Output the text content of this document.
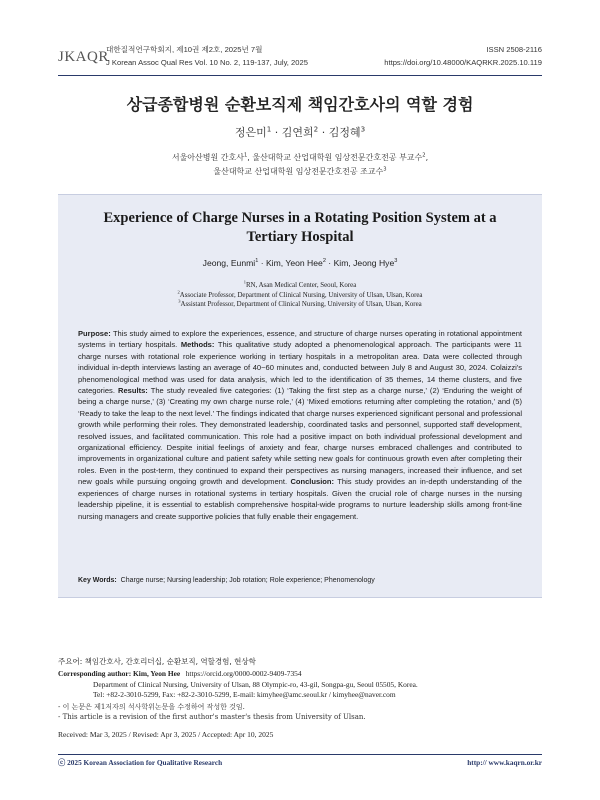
JKAQR
대한질적연구학회지, 제10권 제2호, 2025년 7월
J Korean Assoc Qual Res Vol. 10 No. 2, 119-137, July, 2025
ISSN 2508-2116
https://doi.org/10.48000/KAQRKR.2025.10.119
상급종합병원 순환보직제 책임간호사의 역할 경험
정은미$^1$ · 김연희$^2$ · 김정혜$^3$
서울아산병원 간호사$^1$, 울산대학교 산업대학원 임상전문간호전공 부교수$^2$,
울산대학교 산업대학원 임상전문간호전공 조교수$^3$
Experience of Charge Nurses in a Rotating Position System at a Tertiary Hospital
Jeong, Eunmi$^1$ · Kim, Yeon Hee$^2$ · Kim, Jeong Hye$^3$
$^1$RN, Asan Medical Center, Seoul, Korea
$^2$Associate Professor, Department of Clinical Nursing, University of Ulsan, Ulsan, Korea
$^3$Assistant Professor, Department of Clinical Nursing, University of Ulsan, Ulsan, Korea
Purpose: This study aimed to explore the experiences, essence, and structure of charge nurses operating in rotational appointment systems in tertiary hospitals. Methods: This qualitative study adopted a phenomenological approach. The participants were 11 charge nurses with rotational role experience working in tertiary hospitals in a metropolitan area. Data were collected through individual in-depth interviews lasting an average of 40~60 minutes and, conducted between July 8 and August 30, 2024. Colaizzi's phenomenological method was used for data analysis, which led to the identification of 35 themes, 14 theme clusters, and five categories. Results: The study revealed five categories: (1) ‘Taking the first step as a charge nurse,’ (2) ‘Enduring the weight of being a charge nurse,’ (3) ‘Creating my own charge nurse role,’ (4) ‘Mixed emotions returning after completing the rotation,’ and (5) ‘Ready to take the leap to the next level.’ The findings indicated that charge nurses experienced significant personal and professional growth while performing their roles. They demonstrated leadership, coordinated tasks and personnel, supported staff development, resolved issues, and facilitated communication. This role had a positive impact on both individual professional development and organizational efficiency. Despite initial feelings of anxiety and fear, charge nurses embraced challenges and contributed to improvements in organizational culture and patient safety while setting new goals for continuous growth even after completing their roles. Even in the post-term, they continued to expand their perspectives as nursing managers, increased their influence, and set new goals while pursuing ongoing growth and development. Conclusion: This study provides an in-depth understanding of the experiences of charge nurses in rotational systems in tertiary hospitals. Given the crucial role of charge nurses in the nursing leadership pipeline, it is essential to establish comprehensive hospital-wide programs to nurture leadership skills among front-line nursing managers and create supportive policies that fully enable their engagement.
Key Words: Charge nurse; Nursing leadership; Job rotation; Role experience; Phenomenology
주요어: 책임간호사, 간호리더십, 순환보직, 역할경험, 현상학
Corresponding author: Kim, Yeon Hee https://orcid.org/0000-0002-9409-7354
Department of Clinical Nursing, University of Ulsan, 88 Olympic-ro, 43-gil, Songpa-gu, Seoul 05505, Korea.
Tel: +82-2-3010-5299, Fax: +82-2-3010-5299, E-mail: kimyhee@amc.seoul.kr / kimyhee@naver.com
- 이 논문은 제1저자의 석사학위논문을 수정하여 작성한 것임.
- This article is a revision of the first author's master's thesis from University of Ulsan.
Received: Mar 3, 2025 / Revised: Apr 3, 2025 / Accepted: Apr 10, 2025
ⓒ 2025 Korean Association for Qualitative Research	http:// www.kaqrn.or.kr
